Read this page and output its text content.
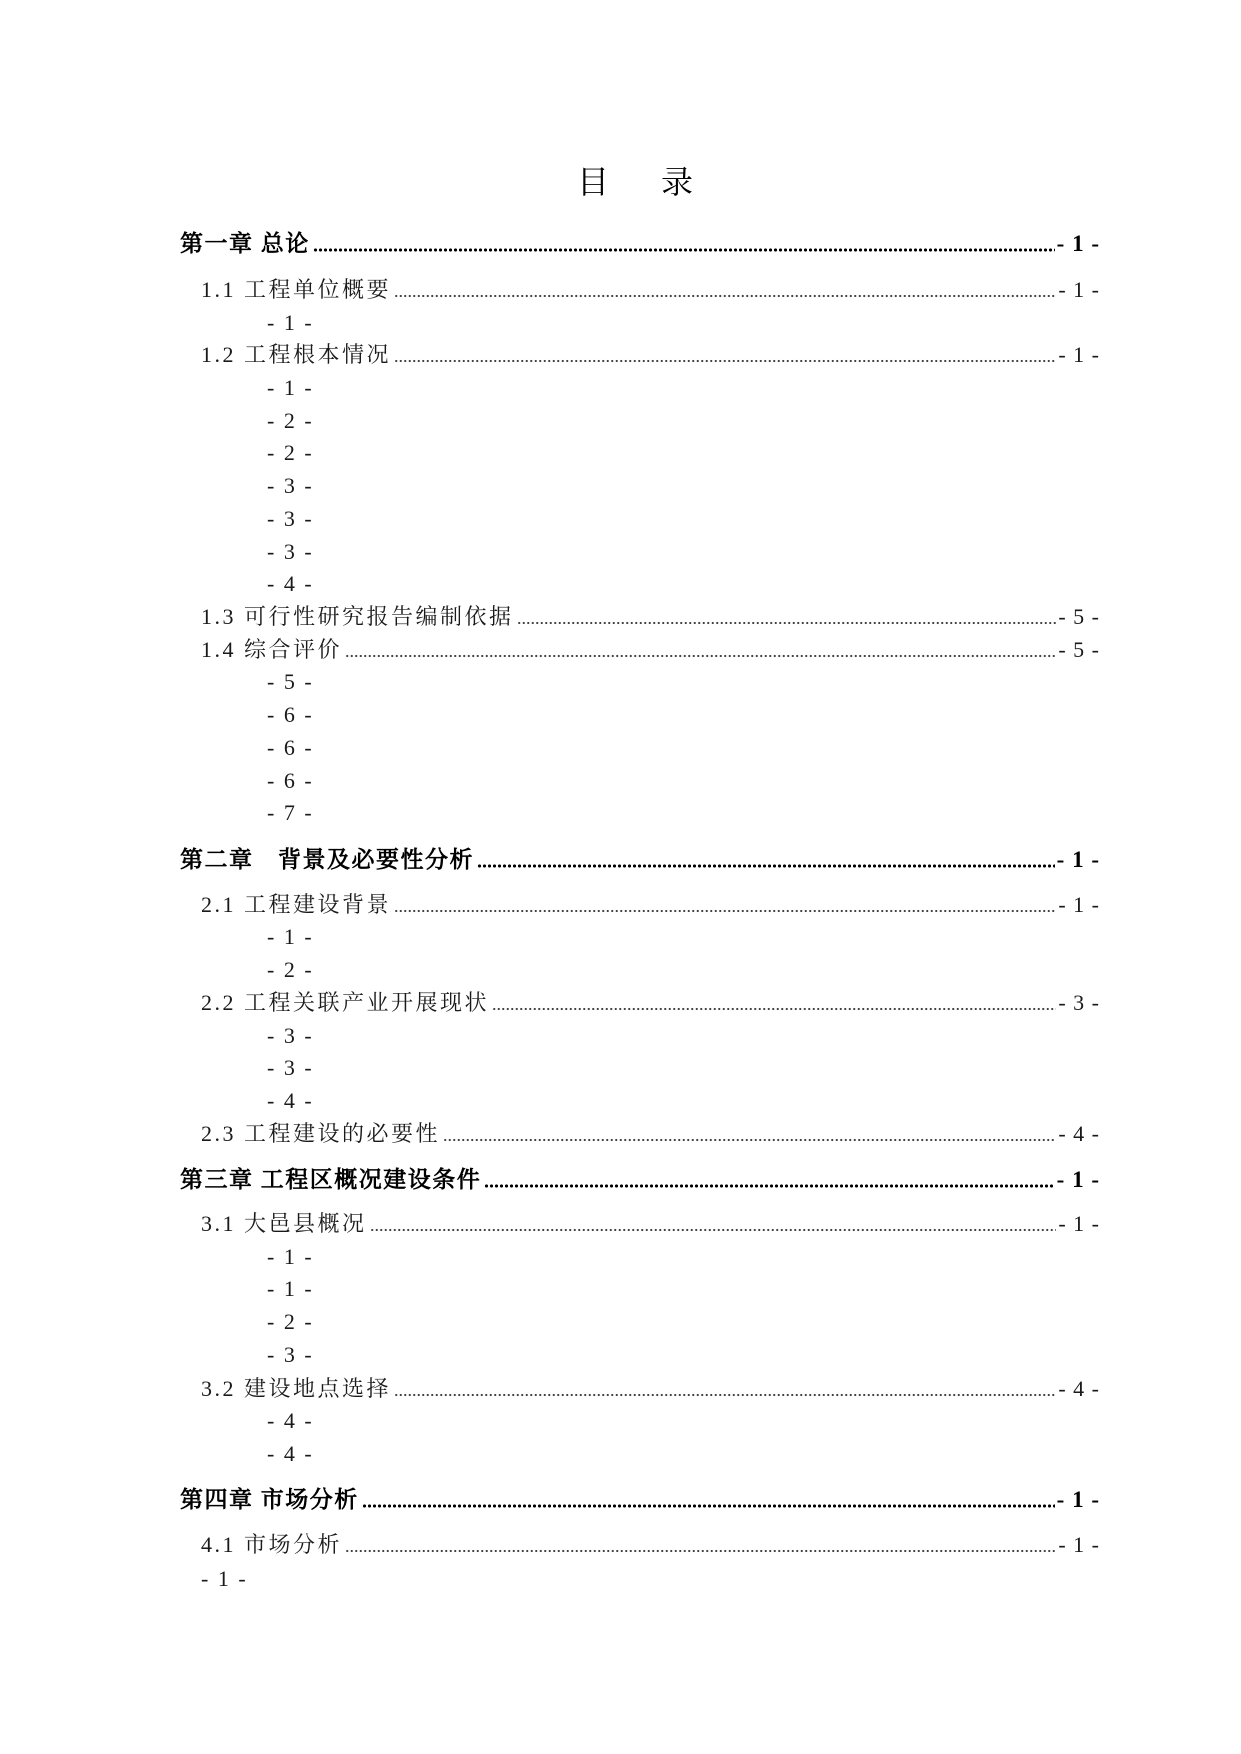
目　录
第一章 总论	- 1 -
1.1 工程单位概要	- 1 -
- 1 -
1.2 工程根本情况	- 1 -
- 1 -
- 2 -
- 2 -
- 3 -
- 3 -
- 3 -
- 4 -
1.3 可行性研究报告编制依据	- 5 -
1.4 综合评价	- 5 -
- 5 -
- 6 -
- 6 -
- 6 -
- 7 -
第二章　背景及必要性分析	- 1 -
2.1 工程建设背景	- 1 -
- 1 -
- 2 -
2.2 工程关联产业开展现状	- 3 -
- 3 -
- 3 -
- 4 -
2.3 工程建设的必要性	- 4 -
第三章 工程区概况建设条件	- 1 -
3.1 大邑县概况	- 1 -
- 1 -
- 1 -
- 2 -
- 3 -
3.2 建设地点选择	- 4 -
- 4 -
- 4 -
第四章 市场分析	- 1 -
4.1 市场分析	- 1 -
- 1 -
